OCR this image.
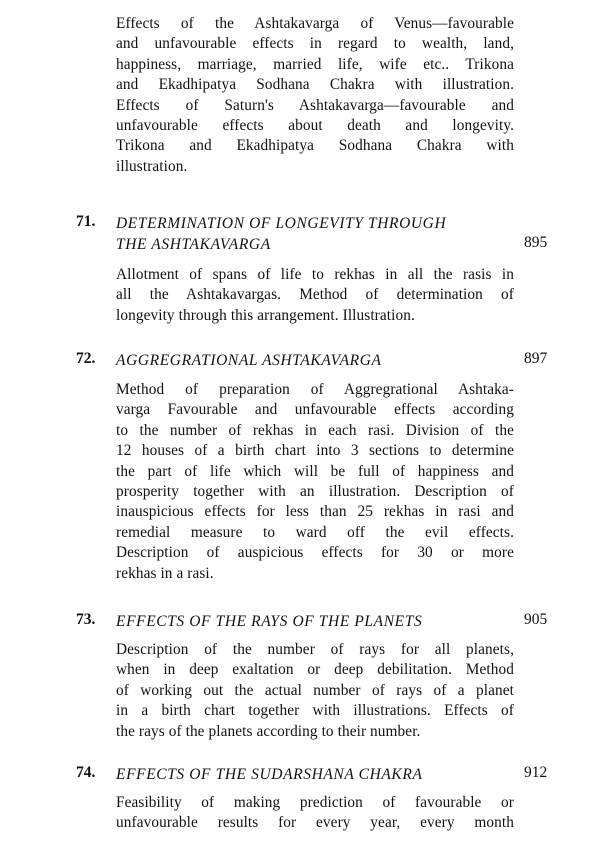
Effects of the Ashtakavarga of Venus—favourable
and unfavourable effects in regard to wealth, land,
happiness, marriage, married life, wife etc.. Trikona
and Ekadhipatya Sodhana Chakra with illustration.
Effects of Saturn's Ashtakavarga—favourable and
unfavourable effects about death and longevity.
Trikona and Ekadhipatya Sodhana Chakra with
illustration.
71. DETERMINATION OF LONGEVITY THROUGH
THE ASHTAKAVARGA	895
Allotment of spans of life to rekhas in all the rasis in
all the Ashtakavargas. Method of determination of
longevity through this arrangement. Illustration.
72. AGGREGRATIONAL ASHTAKAVARGA	897
Method of preparation of Aggregrational Ashtaka-
varga Favourable and unfavourable effects according
to the number of rekhas in each rasi. Division of the
12 houses of a birth chart into 3 sections to determine
the part of life which will be full of happiness and
prosperity together with an illustration. Description of
inauspicious effects for less than 25 rekhas in rasi and
remedial measure to ward off the evil effects.
Description of auspicious effects for 30 or more
rekhas in a rasi.
73. EFFECTS OF THE RAYS OF THE PLANETS	905
Description of the number of rays for all planets,
when in deep exaltation or deep debilitation. Method
of working out the actual number of rays of a planet
in a birth chart together with illustrations. Effects of
the rays of the planets according to their number.
74. EFFECTS OF THE SUDARSHANA CHAKRA	912
Feasibility of making prediction of favourable or
unfavourable results for every year, every month
